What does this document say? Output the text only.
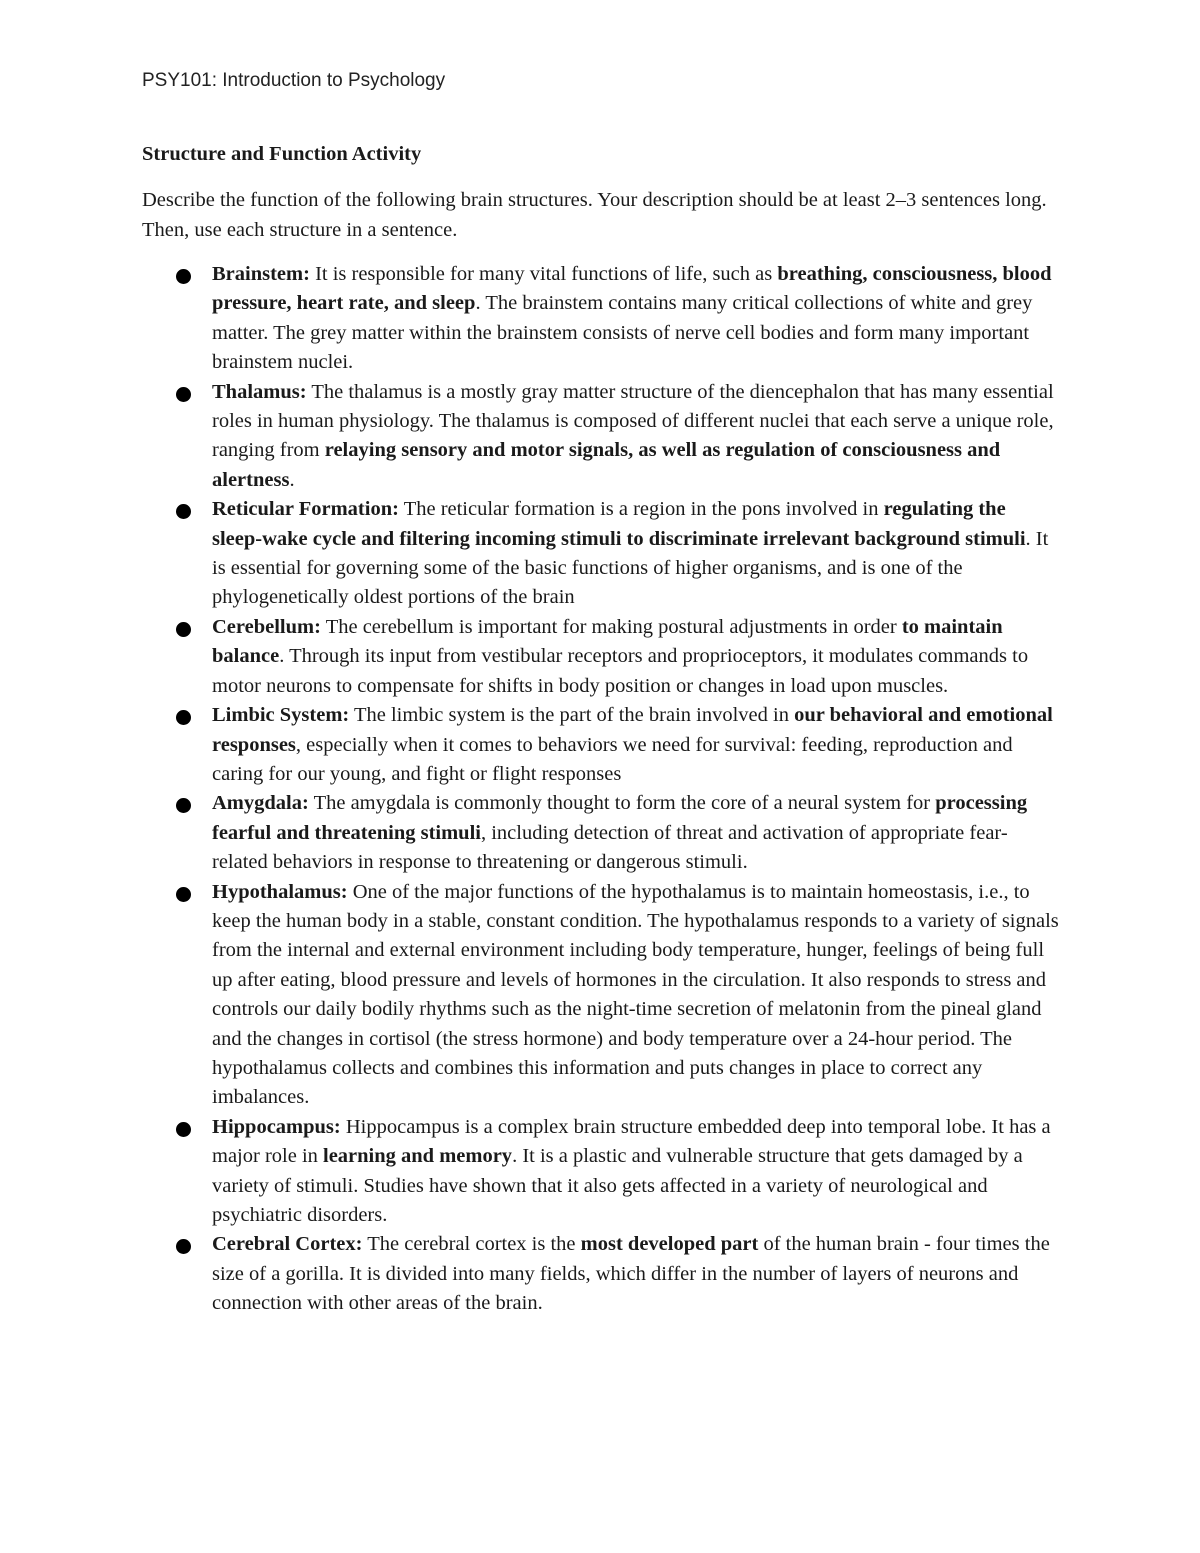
PSY101: Introduction to Psychology
Structure and Function Activity

Describe the function of the following brain structures. Your description should be at least 2–3 sentences long. Then, use each structure in a sentence.

Brainstem: It is responsible for many vital functions of life, such as breathing, consciousness, blood pressure, heart rate, and sleep. The brainstem contains many critical collections of white and grey matter. The grey matter within the brainstem consists of nerve cell bodies and form many important brainstem nuclei.
Thalamus: The thalamus is a mostly gray matter structure of the diencephalon that has many essential roles in human physiology. The thalamus is composed of different nuclei that each serve a unique role, ranging from relaying sensory and motor signals, as well as regulation of consciousness and alertness.
Reticular Formation: The reticular formation is a region in the pons involved in regulating the sleep-wake cycle and filtering incoming stimuli to discriminate irrelevant background stimuli. It is essential for governing some of the basic functions of higher organisms, and is one of the phylogenetically oldest portions of the brain
Cerebellum: The cerebellum is important for making postural adjustments in order to maintain balance. Through its input from vestibular receptors and proprioceptors, it modulates commands to motor neurons to compensate for shifts in body position or changes in load upon muscles.
Limbic System: The limbic system is the part of the brain involved in our behavioral and emotional responses, especially when it comes to behaviors we need for survival: feeding, reproduction and caring for our young, and fight or flight responses
Amygdala: The amygdala is commonly thought to form the core of a neural system for processing fearful and threatening stimuli, including detection of threat and activation of appropriate fear-related behaviors in response to threatening or dangerous stimuli.
Hypothalamus: One of the major functions of the hypothalamus is to maintain homeostasis, i.e., to keep the human body in a stable, constant condition. The hypothalamus responds to a variety of signals from the internal and external environment including body temperature, hunger, feelings of being full up after eating, blood pressure and levels of hormones in the circulation. It also responds to stress and controls our daily bodily rhythms such as the night-time secretion of melatonin from the pineal gland and the changes in cortisol (the stress hormone) and body temperature over a 24-hour period. The hypothalamus collects and combines this information and puts changes in place to correct any imbalances.
Hippocampus: Hippocampus is a complex brain structure embedded deep into temporal lobe. It has a major role in learning and memory. It is a plastic and vulnerable structure that gets damaged by a variety of stimuli. Studies have shown that it also gets affected in a variety of neurological and psychiatric disorders.
Cerebral Cortex: The cerebral cortex is the most developed part of the human brain - four times the size of a gorilla. It is divided into many fields, which differ in the number of layers of neurons and connection with other areas of the brain.
